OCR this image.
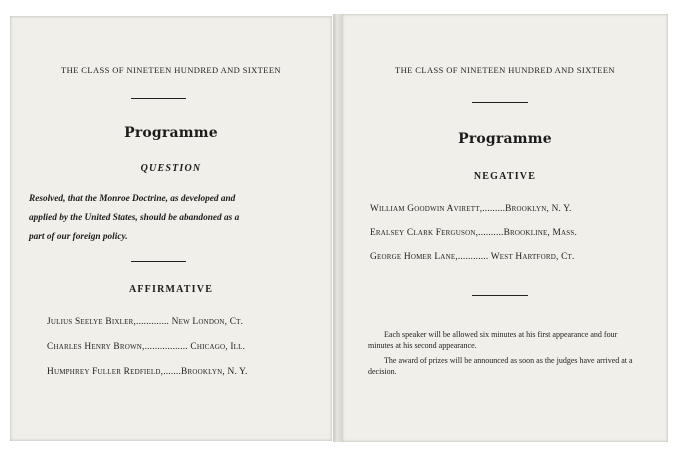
THE CLASS OF NINETEEN HUNDRED AND SIXTEEN
Programme
QUESTION
Resolved, that the Monroe Doctrine, as developed and
applied by the United States, should be abandoned as a
part of our foreign policy.
AFFIRMATIVE
Julius Seelye Bixler,............. New London, Ct.
Charles Henry Brown,................. Chicago, Ill.
Humphrey Fuller Redfield,.......Brooklyn, N. Y.
THE CLASS OF NINETEEN HUNDRED AND SIXTEEN
Programme
NEGATIVE
William Goodwin Avirett,.........Brooklyn, N. Y.
Eralsey Clark Ferguson,..........Brookline, Mass.
George Homer Lane,............ West Hartford, Ct.
Each speaker will be allowed six minutes at his first appearance and four minutes at his second appearance.
The award of prizes will be announced as soon as the judges have arrived at a decision.
